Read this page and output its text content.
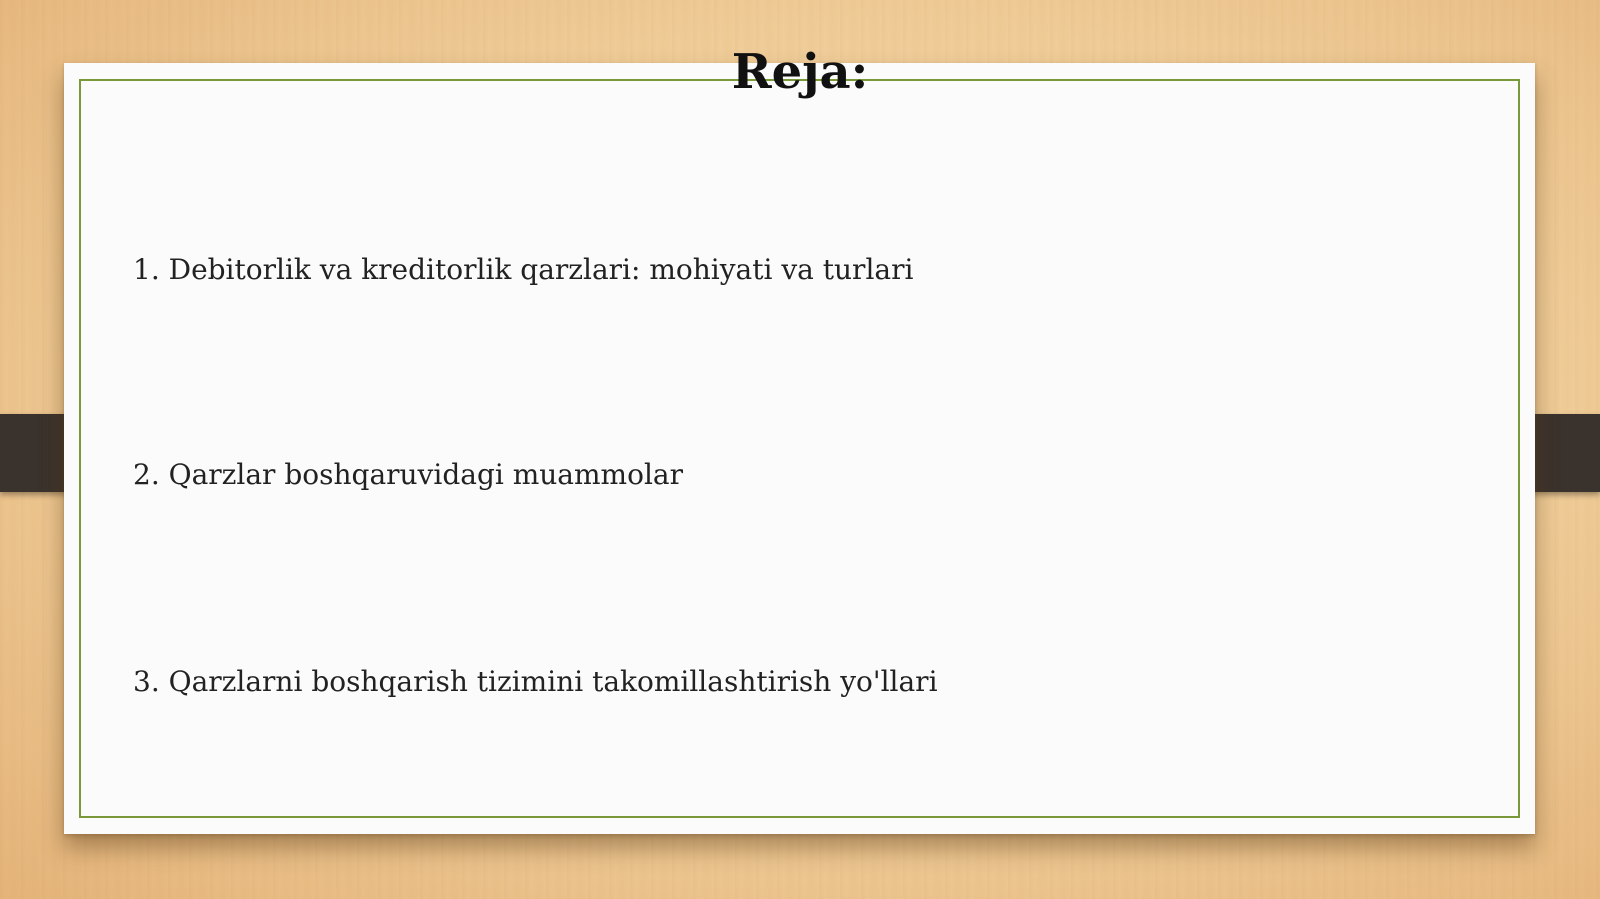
Reja:
1. Debitorlik va kreditorlik qarzlari: mohiyati va turlari
2. Qarzlar boshqaruvidagi muammolar
3. Qarzlarni boshqarish tizimini takomillashtirish yo'llari
